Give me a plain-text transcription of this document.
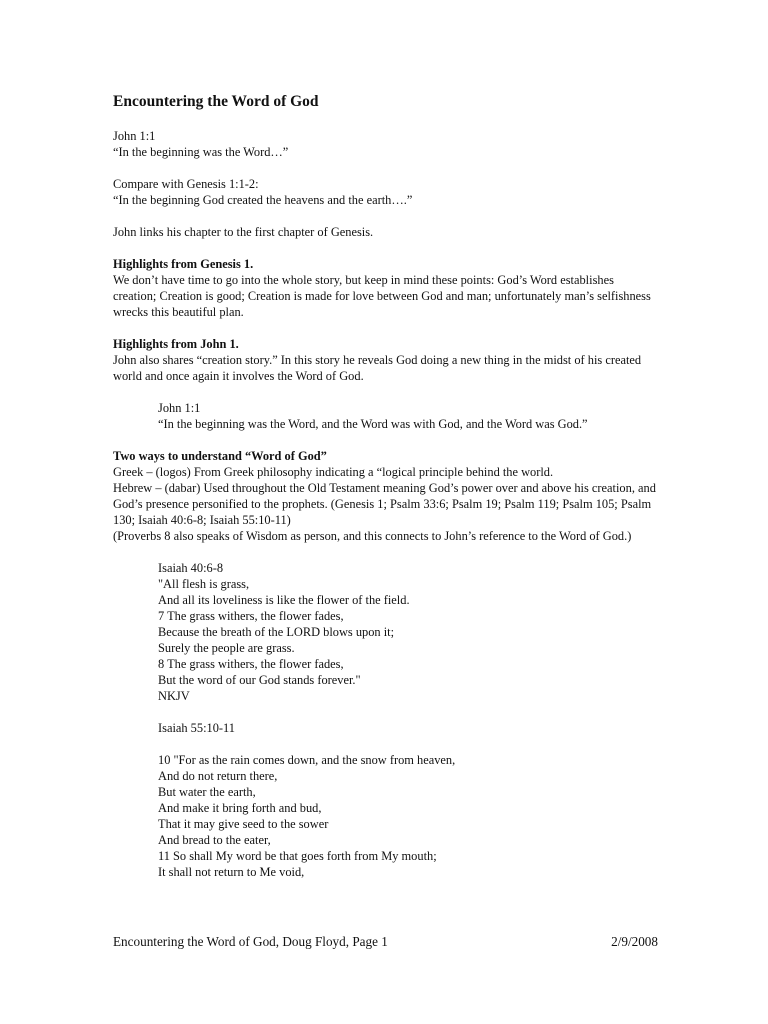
Encountering the Word of God
John 1:1
“In the beginning was the Word…”
Compare with Genesis 1:1-2:
“In the beginning God created the heavens and the earth….”
John links his chapter to the first chapter of Genesis.
Highlights from Genesis 1.
We don’t have time to go into the whole story, but keep in mind these points: God’s Word establishes creation; Creation is good; Creation is made for love between God and man; unfortunately man’s selfishness wrecks this beautiful plan.
Highlights from John 1.
John also shares “creation story.” In this story he reveals God doing a new thing in the midst of his created world and once again it involves the Word of God.
John 1:1
“In the beginning was the Word, and the Word was with God, and the Word was God.”
Two ways to understand “Word of God”
Greek – (logos) From Greek philosophy indicating a “logical principle behind the world.
Hebrew – (dabar) Used throughout the Old Testament meaning God’s power over and above his creation, and God’s presence personified to the prophets. (Genesis 1; Psalm 33:6; Psalm 19; Psalm 119; Psalm 105; Psalm 130; Isaiah 40:6-8; Isaiah 55:10-11)
(Proverbs 8 also speaks of Wisdom as person, and this connects to John’s reference to the Word of God.)
Isaiah 40:6-8
"All flesh is grass,
And all its loveliness is like the flower of the field.
7 The grass withers, the flower fades,
Because the breath of the LORD blows upon it;
Surely the people are grass.
8 The grass withers, the flower fades,
But the word of our God stands forever."
NKJV
Isaiah 55:10-11
10 "For as the rain comes down, and the snow from heaven,
And do not return there,
But water the earth,
And make it bring forth and bud,
That it may give seed to the sower
And bread to the eater,
11 So shall My word be that goes forth from My mouth;
It shall not return to Me void,
Encountering the Word of God, Doug Floyd, Page 1	2/9/2008
